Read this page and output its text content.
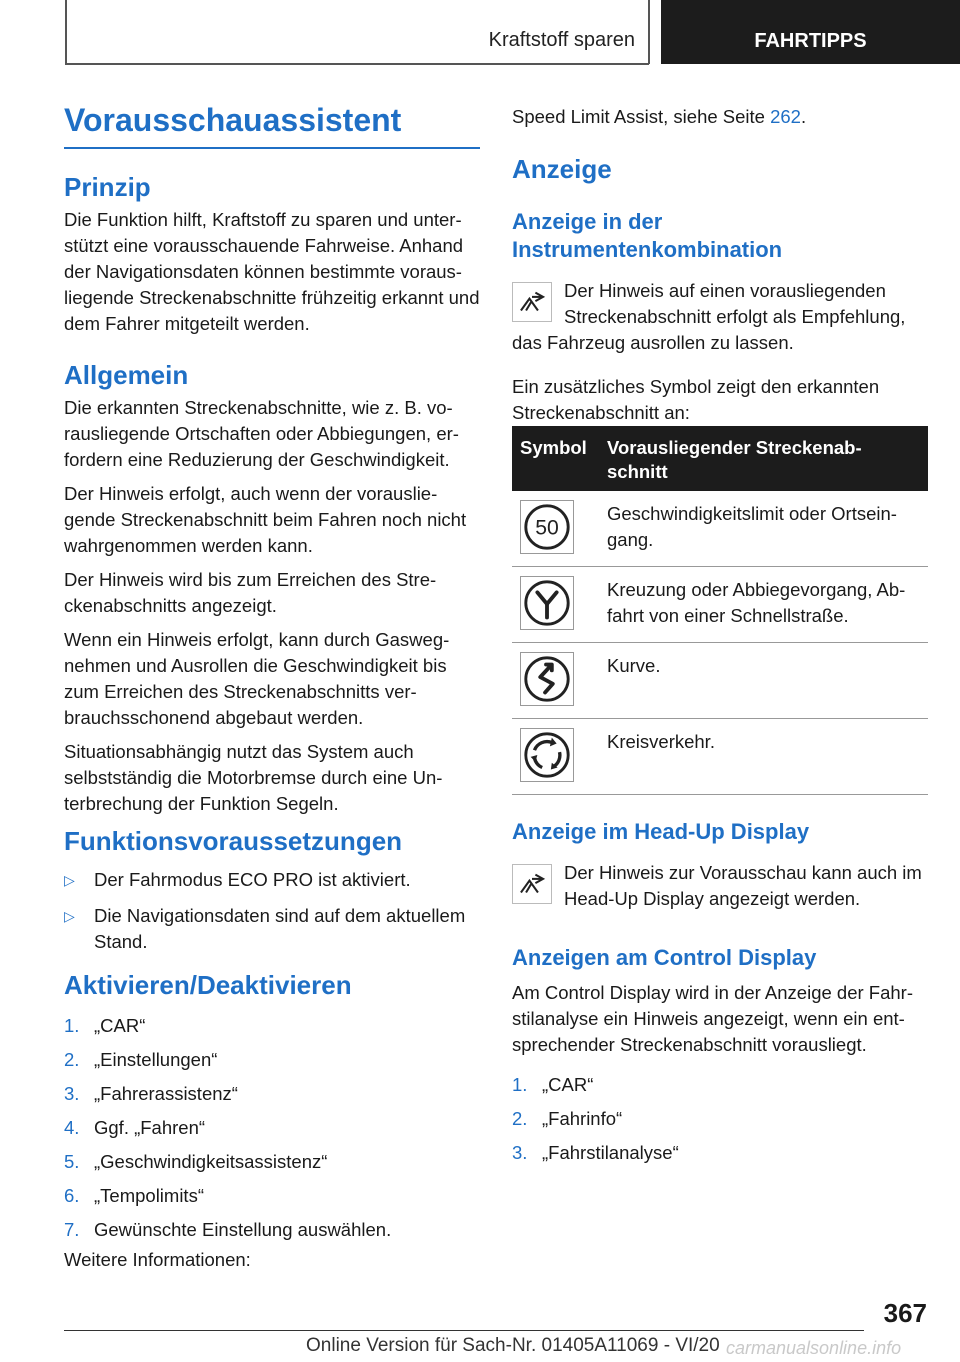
Kraftstoff sparen	FAHRTIPPS
Vorausschauassistent
Prinzip

Die Funktion hilft, Kraftstoff zu sparen und unter-stützt eine vorausschauende Fahrweise. Anhand der Navigationsdaten können bestimmte voraus-liegende Streckenabschnitte frühzeitig erkannt und dem Fahrer mitgeteilt werden.

Allgemein

Die erkannten Streckenabschnitte, wie z. B. vo-rausliegende Ortschaften oder Abbiegungen, er-fordern eine Reduzierung der Geschwindigkeit.

Der Hinweis erfolgt, auch wenn der vorauslie-gende Streckenabschnitt beim Fahren noch nicht wahrgenommen werden kann.

Der Hinweis wird bis zum Erreichen des Stre-ckenabschnitts angezeigt.

Wenn ein Hinweis erfolgt, kann durch Gasweg-nehmen und Ausrollen die Geschwindigkeit bis zum Erreichen des Streckenabschnitts ver-brauchsschonend abgebaut werden.

Situationsabhängig nutzt das System auch selbstständig die Motorbremse durch eine Un-terbrechung der Funktion Segeln.

Funktionsvoraussetzungen
▷ Der Fahrmodus ECO PRO ist aktiviert.
▷ Die Navigationsdaten sind auf dem aktuellem Stand.
Aktivieren/Deaktivieren
1. „CAR“
2. „Einstellungen“
3. „Fahrerassistenz“
4. Ggf. „Fahren“
5. „Geschwindigkeitsassistenz“
6. „Tempolimits“
7. Gewünschte Einstellung auswählen.

Weitere Informationen:

Speed Limit Assist, siehe Seite 262.

Anzeige
Anzeige in der Instrumentenkombination

Der Hinweis auf einen vorausliegenden Streckenabschnitt erfolgt als Empfehlung,

das Fahrzeug ausrollen zu lassen.

Ein zusätzliches Symbol zeigt den erkannten Streckenabschnitt an:

Symbol Vorausliegender Streckenab-schnitt
50
Geschwindigkeitslimit oder Ortsein-gang.
Kreuzung oder Abbiegevorgang, Ab-fahrt von einer Schnellstraße.
Kurve.
Kreisverkehr.
Anzeige im Head-Up Display

Der Hinweis zur Vorausschau kann auch im Head-Up Display angezeigt werden.

Anzeigen am Control Display

Am Control Display wird in der Anzeige der Fahr-stilanalyse ein Hinweis angezeigt, wenn ein ent-sprechender Streckenabschnitt vorausliegt.

1. „CAR“
2. „Fahrinfo“
3. „Fahrstilanalyse“
367
Online Version für Sach-Nr. 01405A11069 - VI/20 carmanualsonline.info
